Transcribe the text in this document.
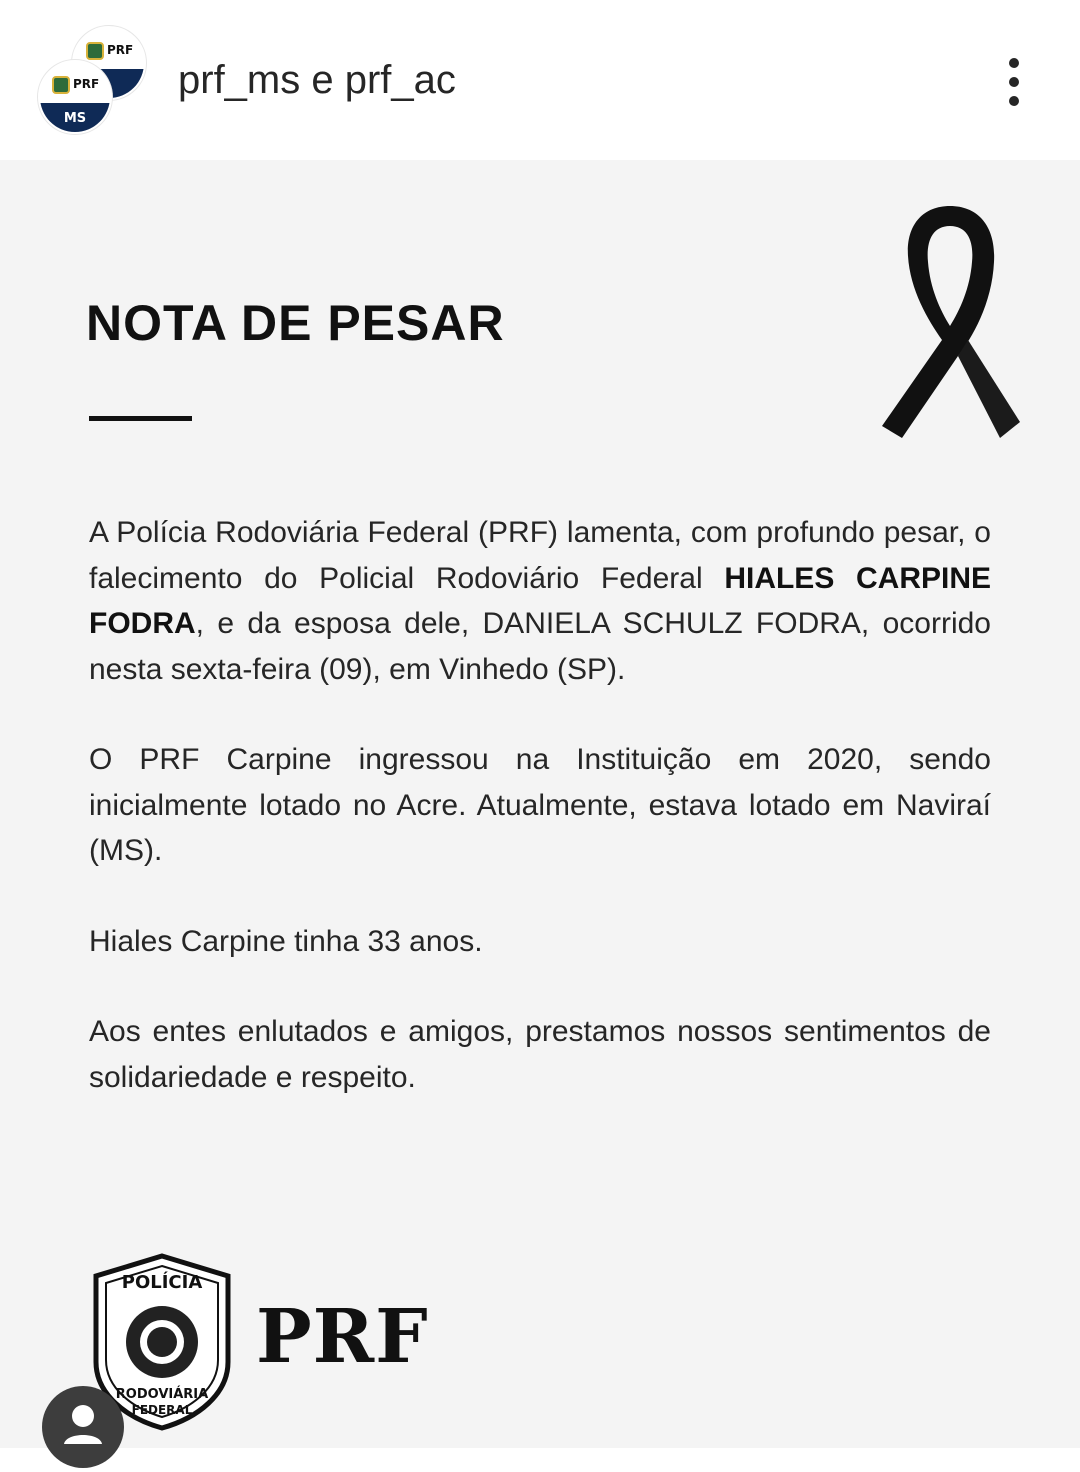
PRF
PRF
MS
prf_ms e prf_ac
NOTA DE PESAR

A Polícia Rodoviária Federal (PRF) lamenta, com profundo pesar, o falecimento do Policial Rodoviário Federal HIALES CARPINE FODRA, e da esposa dele, DANIELA SCHULZ FODRA, ocorrido nesta sexta-feira (09), em Vinhedo (SP).

O PRF Carpine ingressou na Instituição em 2020, sendo inicialmente lotado no Acre. Atualmente, estava lotado em Naviraí (MS).

Hiales Carpine tinha 33 anos.

Aos entes enlutados e amigos, prestamos nossos sentimentos de solidariedade e respeito.

POLÍCIA
RODOVIÁRIA
FEDERAL
PRF
